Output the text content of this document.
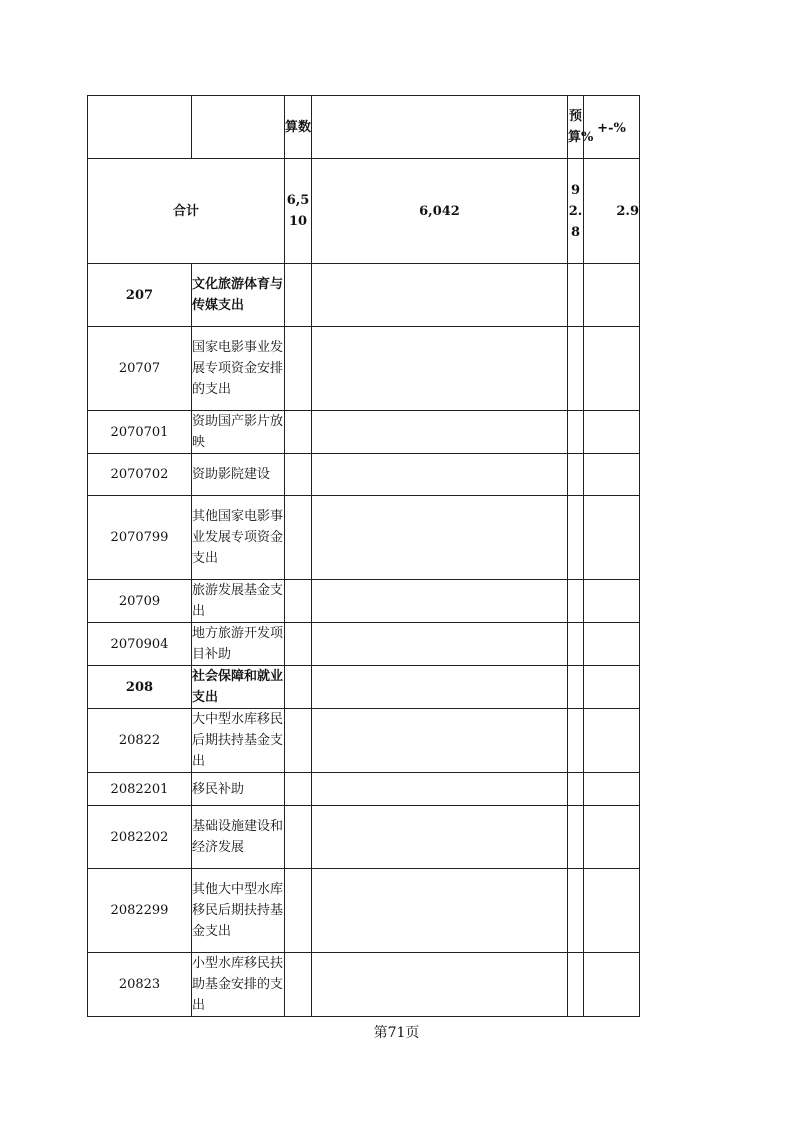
		算数		预算%	+-%
合计		6,510	6,042	92.8	2.9
207	文化旅游体育与传媒支出				
20707	国家电影事业发展专项资金安排的支出				
2070701	资助国产影片放映				
2070702	资助影院建设				
2070799	其他国家电影事业发展专项资金支出				
20709	旅游发展基金支出				
2070904	地方旅游开发项目补助				
208	社会保障和就业支出				
20822	大中型水库移民后期扶持基金支出				
2082201	移民补助				
2082202	基础设施建设和经济发展				
2082299	其他大中型水库移民后期扶持基金支出				
20823	小型水库移民扶助基金安排的支出				
第71页
